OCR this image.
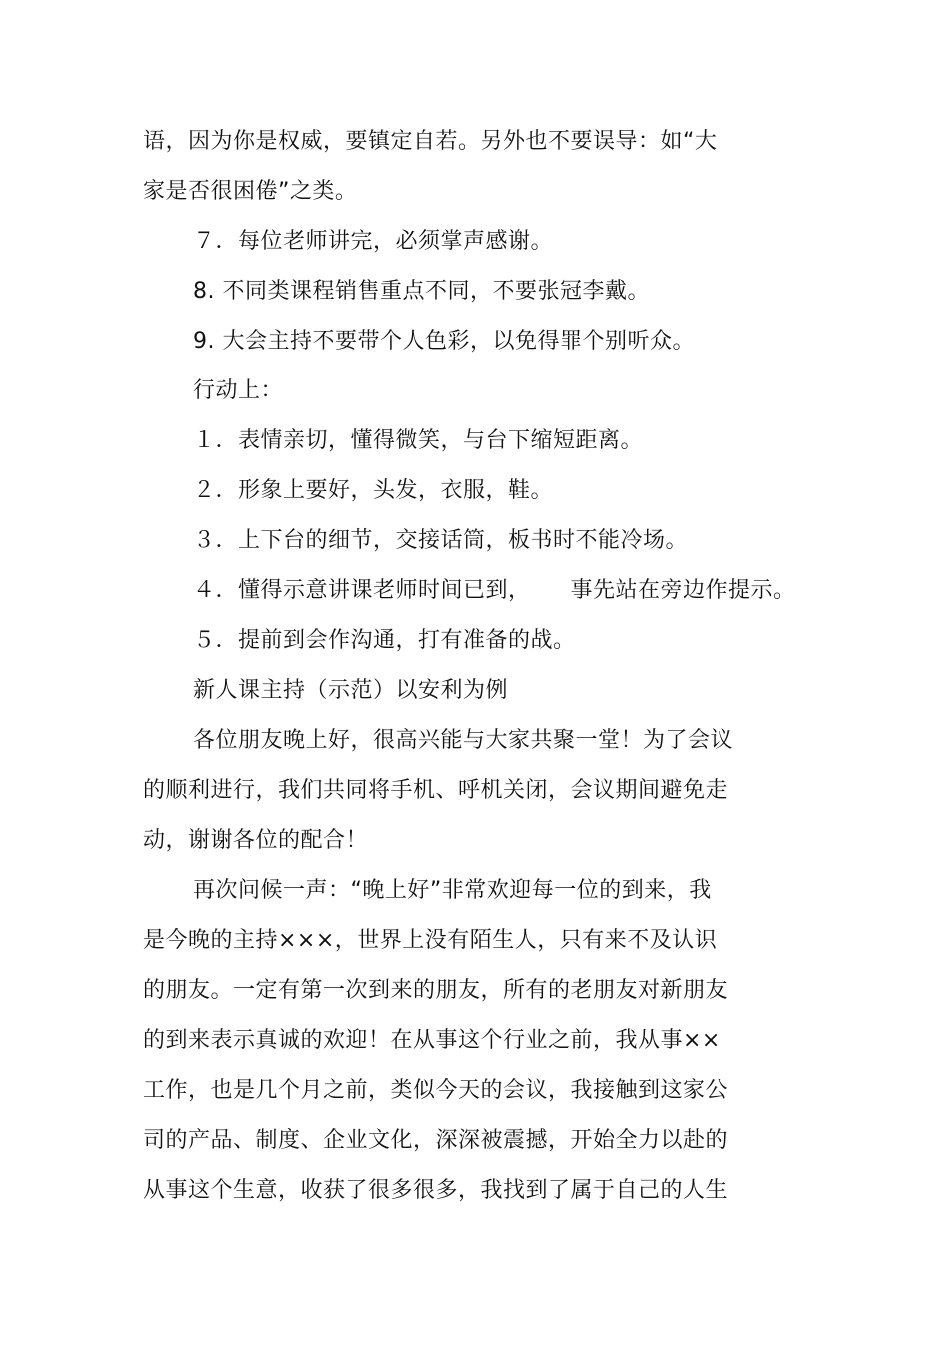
语，因为你是权威，要镇定自若。另外也不要误导：如“大
家是否很困倦”之类。
７．每位老师讲完，必须掌声感谢。
8. 不同类课程销售重点不同，不要张冠李戴。
9. 大会主持不要带个人色彩，以免得罪个别听众。
行动上：
１．表情亲切，懂得微笑，与台下缩短距离。
２．形象上要好，头发，衣服，鞋。
３．上下台的细节，交接话筒，板书时不能冷场。
４．懂得示意讲课老师时间已到， 事先站在旁边作提示。
５．提前到会作沟通，打有准备的战。
新人课主持（示范）以安利为例
各位朋友晚上好，很高兴能与大家共聚一堂！为了会议
的顺利进行，我们共同将手机、呼机关闭，会议期间避免走
动，谢谢各位的配合！
再次问候一声：“晚上好”非常欢迎每一位的到来，我
是今晚的主持×××，世界上没有陌生人，只有来不及认识
的朋友。一定有第一次到来的朋友，所有的老朋友对新朋友
的到来表示真诚的欢迎！在从事这个行业之前，我从事××
工作，也是几个月之前，类似今天的会议，我接触到这家公
司的产品、制度、企业文化，深深被震撼，开始全力以赴的
从事这个生意，收获了很多很多，我找到了属于自己的人生
